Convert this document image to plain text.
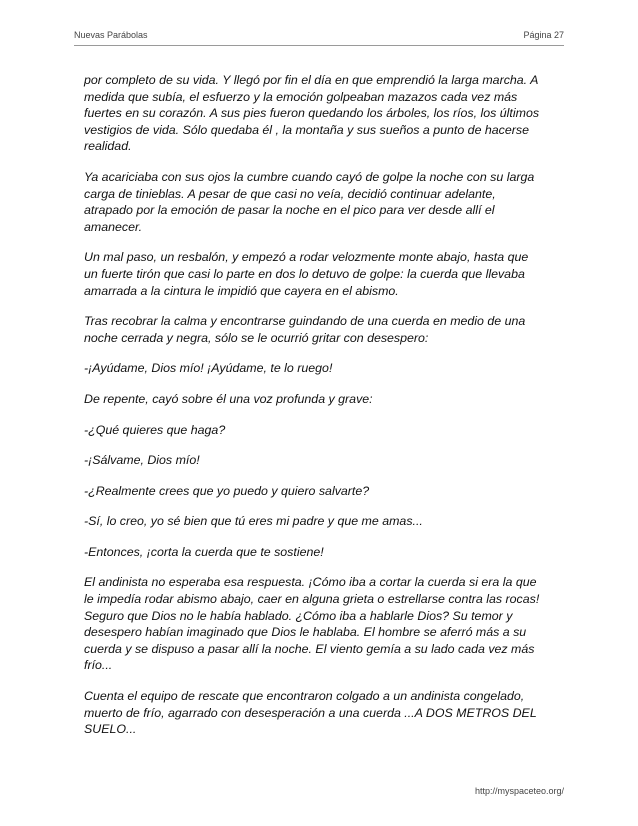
Nuevas Parábolas	Página 27

por completo de su vida. Y llegó por fin el día en que emprendió la larga marcha. A medida que subía, el esfuerzo y la emoción golpeaban mazazos cada vez más fuertes en su corazón. A sus pies fueron quedando los árboles, los ríos, los últimos vestigios de vida. Sólo quedaba él , la montaña y sus sueños a punto de hacerse realidad.

Ya acariciaba con sus ojos la cumbre cuando cayó de golpe la noche con su larga carga de tinieblas. A pesar de que casi no veía, decidió continuar adelante, atrapado por la emoción de pasar la noche en el pico para ver desde allí el amanecer.

Un mal paso, un resbalón, y empezó a rodar velozmente monte abajo, hasta que un fuerte tirón que casi lo parte en dos lo detuvo de golpe: la cuerda que llevaba amarrada a la cintura le impidió que cayera en el abismo.

Tras recobrar la calma y encontrarse guindando de una cuerda en medio de una noche cerrada y negra, sólo se le ocurrió gritar con desespero:

-¡Ayúdame, Dios mío! ¡Ayúdame, te lo ruego!

De repente, cayó sobre él una voz profunda y grave:

-¿Qué quieres que haga?

-¡Sálvame, Dios mío!

-¿Realmente crees que yo puedo y quiero salvarte?

-Sí, lo creo, yo sé bien que tú eres mi padre y que me amas...

-Entonces, ¡corta la cuerda que te sostiene!

El andinista no esperaba esa respuesta. ¡Cómo iba a cortar la cuerda si era la que le impedía rodar abismo abajo, caer en alguna grieta o estrellarse contra las rocas! Seguro que Dios no le había hablado. ¿Cómo iba a hablarle Dios? Su temor y desespero habían imaginado que Dios le hablaba. El hombre se aferró más a su cuerda y se dispuso a pasar allí la noche. El viento gemía a su lado cada vez más frío...

Cuenta el equipo de rescate que encontraron colgado a un andinista congelado, muerto de frío, agarrado con desesperación a una cuerda ...A DOS METROS DEL SUELO...

http://myspaceteo.org/
